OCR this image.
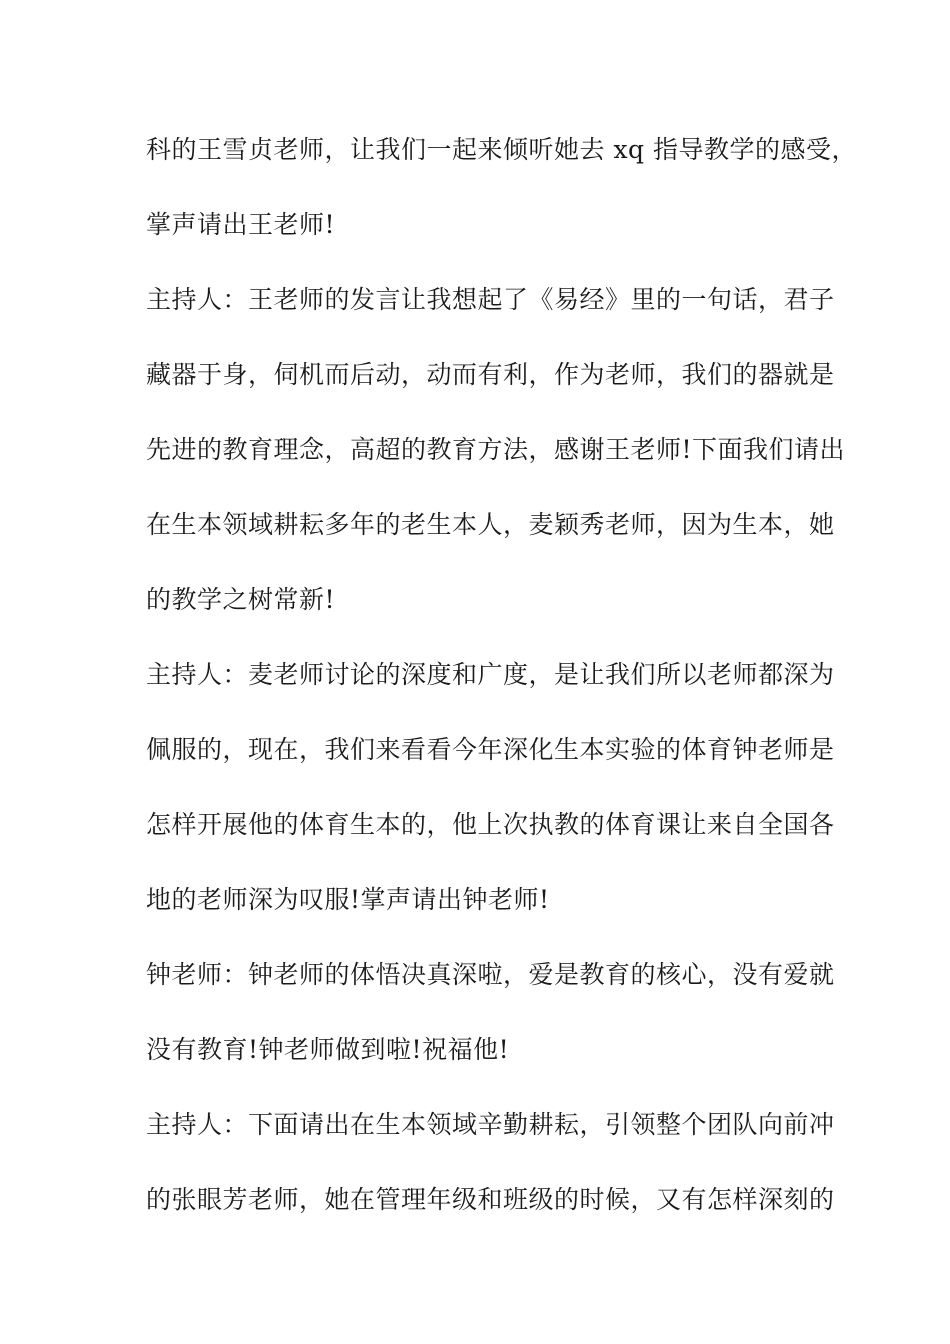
科的王雪贞老师，让我们一起来倾听她去 xq 指导教学的感受，
掌声请出王老师!
主持人：王老师的发言让我想起了《易经》里的一句话，君子
藏器于身，伺机而后动，动而有利，作为老师，我们的器就是
先进的教育理念，高超的教育方法，感谢王老师!下面我们请出
在生本领域耕耘多年的老生本人，麦颖秀老师，因为生本，她
的教学之树常新!
主持人：麦老师讨论的深度和广度，是让我们所以老师都深为
佩服的，现在，我们来看看今年深化生本实验的体育钟老师是
怎样开展他的体育生本的，他上次执教的体育课让来自全国各
地的老师深为叹服!掌声请出钟老师!
钟老师：钟老师的体悟决真深啦，爱是教育的核心，没有爱就
没有教育!钟老师做到啦!祝福他!
主持人：下面请出在生本领域辛勤耕耘，引领整个团队向前冲
的张眼芳老师，她在管理年级和班级的时候，又有怎样深刻的
